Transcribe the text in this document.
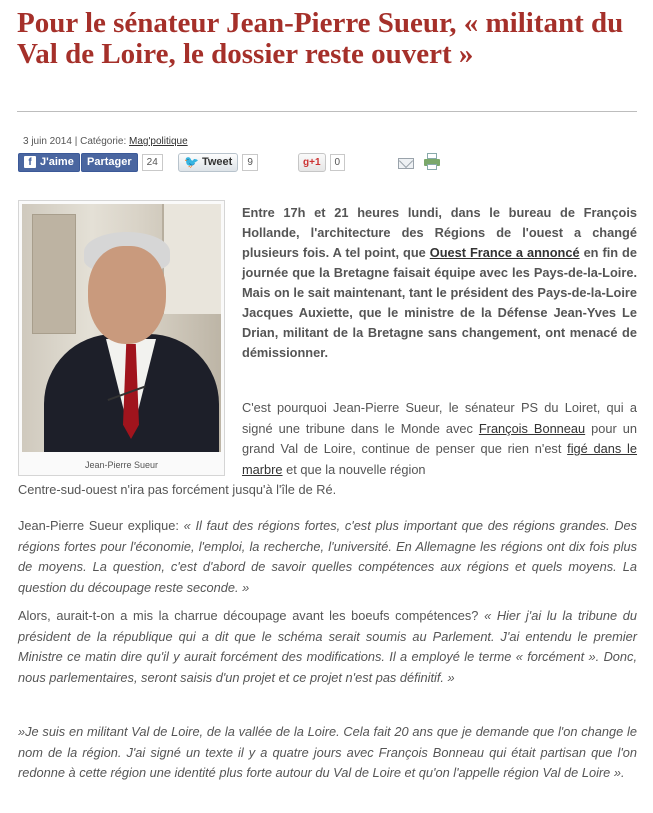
Pour le sénateur Jean-Pierre Sueur, « militant du Val de Loire, le dossier reste ouvert »
3 juin 2014 | Catégorie: Mag'politique
f J'aime Partager	24	🐦 Tweet	9	g +1	0
Jean-Pierre Sueur

Entre 17h et 21 heures lundi, dans le bureau de François Hollande, l'architecture des Régions de l'ouest a changé plusieurs fois. A tel point, que Ouest France a annoncé en fin de journée que la Bretagne faisait équipe avec les Pays-de-la-Loire. Mais on le sait maintenant, tant le président des Pays-de-la-Loire Jacques Auxiette, que le ministre de la Défense Jean-Yves Le Drian, militant de la Bretagne sans changement, ont menacé de démissionner.

C'est pourquoi Jean-Pierre Sueur, le sénateur PS du Loiret, qui a signé une tribune dans le Monde avec François Bonneau pour un grand Val de Loire, continue de penser que rien n'est figé dans le marbre et que la nouvelle région

Centre-sud-ouest n'ira pas forcément jusqu'à l'île de Ré.

Jean-Pierre Sueur explique: « Il faut des régions fortes, c'est plus important que des régions grandes. Des régions fortes pour l'économie, l'emploi, la recherche, l'université. En Allemagne les régions ont dix fois plus de moyens. La question, c'est d'abord de savoir quelles compétences aux régions et quels moyens. La question du découpage reste seconde. »

Alors, aurait-t-on a mis la charrue découpage avant les boeufs compétences? « Hier j'ai lu la tribune du président de la république qui a dit que le schéma serait soumis au Parlement. J'ai entendu le premier Ministre ce matin dire qu'il y aurait forcément des modifications. Il a employé le terme « forcément ». Donc, nous parlementaires, seront saisis d'un projet et ce projet n'est pas définitif. »

»Je suis en militant Val de Loire, de la vallée de la Loire. Cela fait 20 ans que je demande que l'on change le nom de la région. J'ai signé un texte il y a quatre jours avec François Bonneau qui était partisan que l'on redonne à cette région une identité plus forte autour du Val de Loire et qu'on l'appelle région Val de Loire ».
